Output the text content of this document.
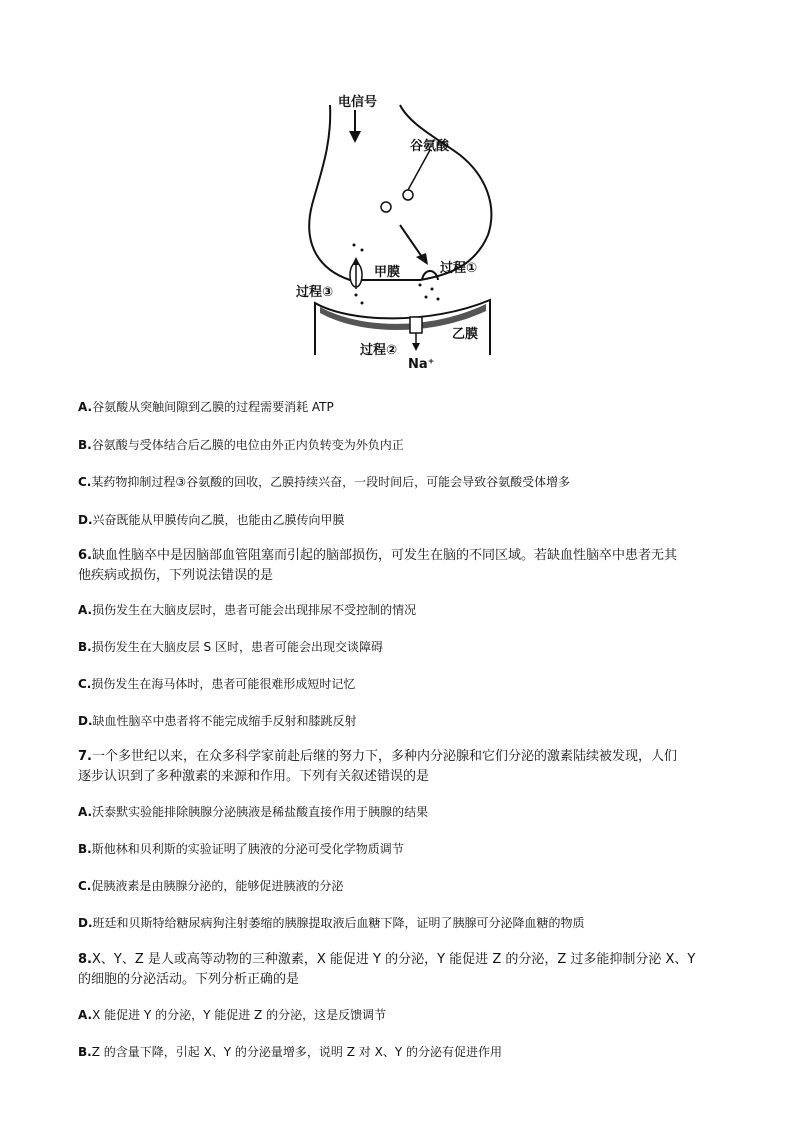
电信号
谷氨酸
甲膜	过程①
过程③
乙膜
过程②
Na⁺
A.谷氨酸从突触间隙到乙膜的过程需要消耗 ATP
B.谷氨酸与受体结合后乙膜的电位由外正内负转变为外负内正
C.某药物抑制过程③谷氨酸的回收，乙膜持续兴奋，一段时间后，可能会导致谷氨酸受体增多
D.兴奋既能从甲膜传向乙膜，也能由乙膜传向甲膜
6.缺血性脑卒中是因脑部血管阻塞而引起的脑部损伤，可发生在脑的不同区域。若缺血性脑卒中患者无其
他疾病或损伤，下列说法错误的是
A.损伤发生在大脑皮层时，患者可能会出现排尿不受控制的情况
B.损伤发生在大脑皮层 S 区时，患者可能会出现交谈障碍
C.损伤发生在海马体时，患者可能很难形成短时记忆
D.缺血性脑卒中患者将不能完成缩手反射和膝跳反射
7.一个多世纪以来，在众多科学家前赴后继的努力下，多种内分泌腺和它们分泌的激素陆续被发现，人们
逐步认识到了多种激素的来源和作用。下列有关叙述错误的是
A.沃泰默实验能排除胰腺分泌胰液是稀盐酸直接作用于胰腺的结果
B.斯他林和贝利斯的实验证明了胰液的分泌可受化学物质调节
C.促胰液素是由胰腺分泌的，能够促进胰液的分泌
D.班廷和贝斯特给糖尿病狗注射萎缩的胰腺提取液后血糖下降，证明了胰腺可分泌降血糖的物质
8.X、Y、Z 是人或高等动物的三种激素，X 能促进 Y 的分泌，Y 能促进 Z 的分泌，Z 过多能抑制分泌 X、Y
的细胞的分泌活动。下列分析正确的是
A.X 能促进 Y 的分泌，Y 能促进 Z 的分泌，这是反馈调节
B.Z 的含量下降，引起 X、Y 的分泌量增多，说明 Z 对 X、Y 的分泌有促进作用
